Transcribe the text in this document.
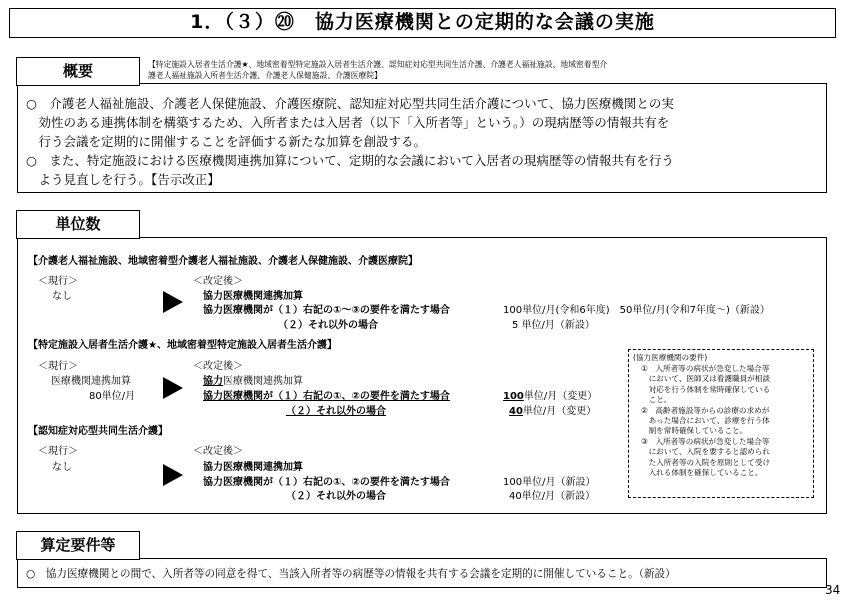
1．（３）⑳　協力医療機関との定期的な会議の実施
概要	【特定施設入居者生活介護★、地域密着型特定施設入居者生活介護、認知症対応型共同生活介護、介護老人福祉施設、地域密着型介
護老人福祉施設入所者生活介護、介護老人保健施設、介護医療院】
○　介護老人福祉施設、介護老人保健施設、介護医療院、認知症対応型共同生活介護について、協力医療機関との実
　効性のある連携体制を構築するため、入所者または入居者（以下「入所者等」という。）の現病歴等の情報共有を
　行う会議を定期的に開催することを評価する新たな加算を創設する。
○　また、特定施設における医療機関連携加算について、定期的な会議において入居者の現病歴等の情報共有を行う
　よう見直しを行う。【告示改正】
単位数
【介護老人福祉施設、地域密着型介護老人福祉施設、介護老人保健施設、介護医療院】
＜現行＞
なし
＜改定後＞
協力医療機関連携加算
協力医療機関が（１）右記の①～③の要件を満たす場合	100単位/月(令和6年度)　50単位/月(令和7年度～)（新設）
（２）それ以外の場合	5 単位/月（新設）
【特定施設入居者生活介護★、地域密着型特定施設入居者生活介護】
＜現行＞
医療機関連携加算
80単位/月
＜改定後＞
協力医療機関連携加算
協力医療機関が（１）右記の①、②の要件を満たす場合	100単位/月（変更）
（２）それ以外の場合	40単位/月（変更）
【認知症対応型共同生活介護】
＜現行＞
なし
＜改定後＞
協力医療機関連携加算
協力医療機関が（１）右記の①、②の要件を満たす場合	100単位/月（新設）
（２）それ以外の場合	40単位/月（新設）
(協力医療機関の要件)
①　入所者等の病状が急変した場合等
　において、医師又は看護職員が相談
　対応を行う体制を常時確保している
　こと。
②　高齢者施設等からの診療の求めが
　あった場合において、診療を行う体
　制を常時確保していること。
③　入所者等の病状が急変した場合等
　において、入院を要すると認められ
　た入所者等の入院を原則として受け
　入れる体制を確保していること。
算定要件等
○　協力医療機関との間で、入所者等の同意を得て、当該入所者等の病歴等の情報を共有する会議を定期的に開催していること。（新設）
34
